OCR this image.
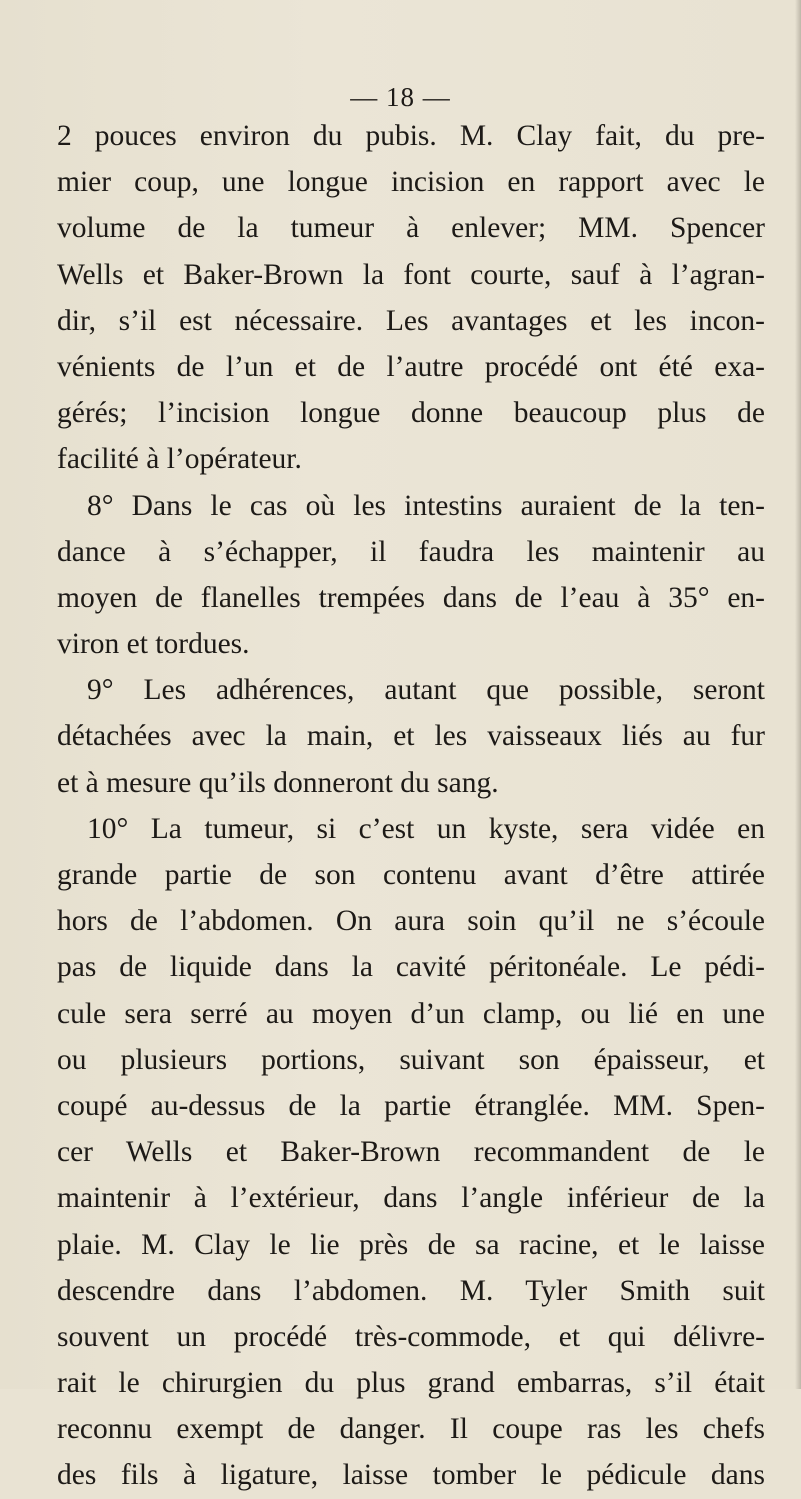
— 18 —
2 pouces environ du pubis. M. Clay fait, du pre-
mier coup, une longue incision en rapport avec le
volume de la tumeur à enlever; MM. Spencer
Wells et Baker-Brown la font courte, sauf à l’agran-
dir, s’il est nécessaire. Les avantages et les incon-
vénients de l’un et de l’autre procédé ont été exa-
gérés; l’incision longue donne beaucoup plus de
facilité à l’opérateur.
8° Dans le cas où les intestins auraient de la ten-
dance à s’échapper, il faudra les maintenir au
moyen de flanelles trempées dans de l’eau à 35° en-
viron et tordues.
9° Les adhérences, autant que possible, seront
détachées avec la main, et les vaisseaux liés au fur
et à mesure qu’ils donneront du sang.
10° La tumeur, si c’est un kyste, sera vidée en
grande partie de son contenu avant d’être attirée
hors de l’abdomen. On aura soin qu’il ne s’écoule
pas de liquide dans la cavité péritonéale. Le pédi-
cule sera serré au moyen d’un clamp, ou lié en une
ou plusieurs portions, suivant son épaisseur, et
coupé au-dessus de la partie étranglée. MM. Spen-
cer Wells et Baker-Brown recommandent de le
maintenir à l’extérieur, dans l’angle inférieur de la
plaie. M. Clay le lie près de sa racine, et le laisse
descendre dans l’abdomen. M. Tyler Smith suit
souvent un procédé très-commode, et qui délivre-
rait le chirurgien du plus grand embarras, s’il était
reconnu exempt de danger. Il coupe ras les chefs
des fils à ligature, laisse tomber le pédicule dans
